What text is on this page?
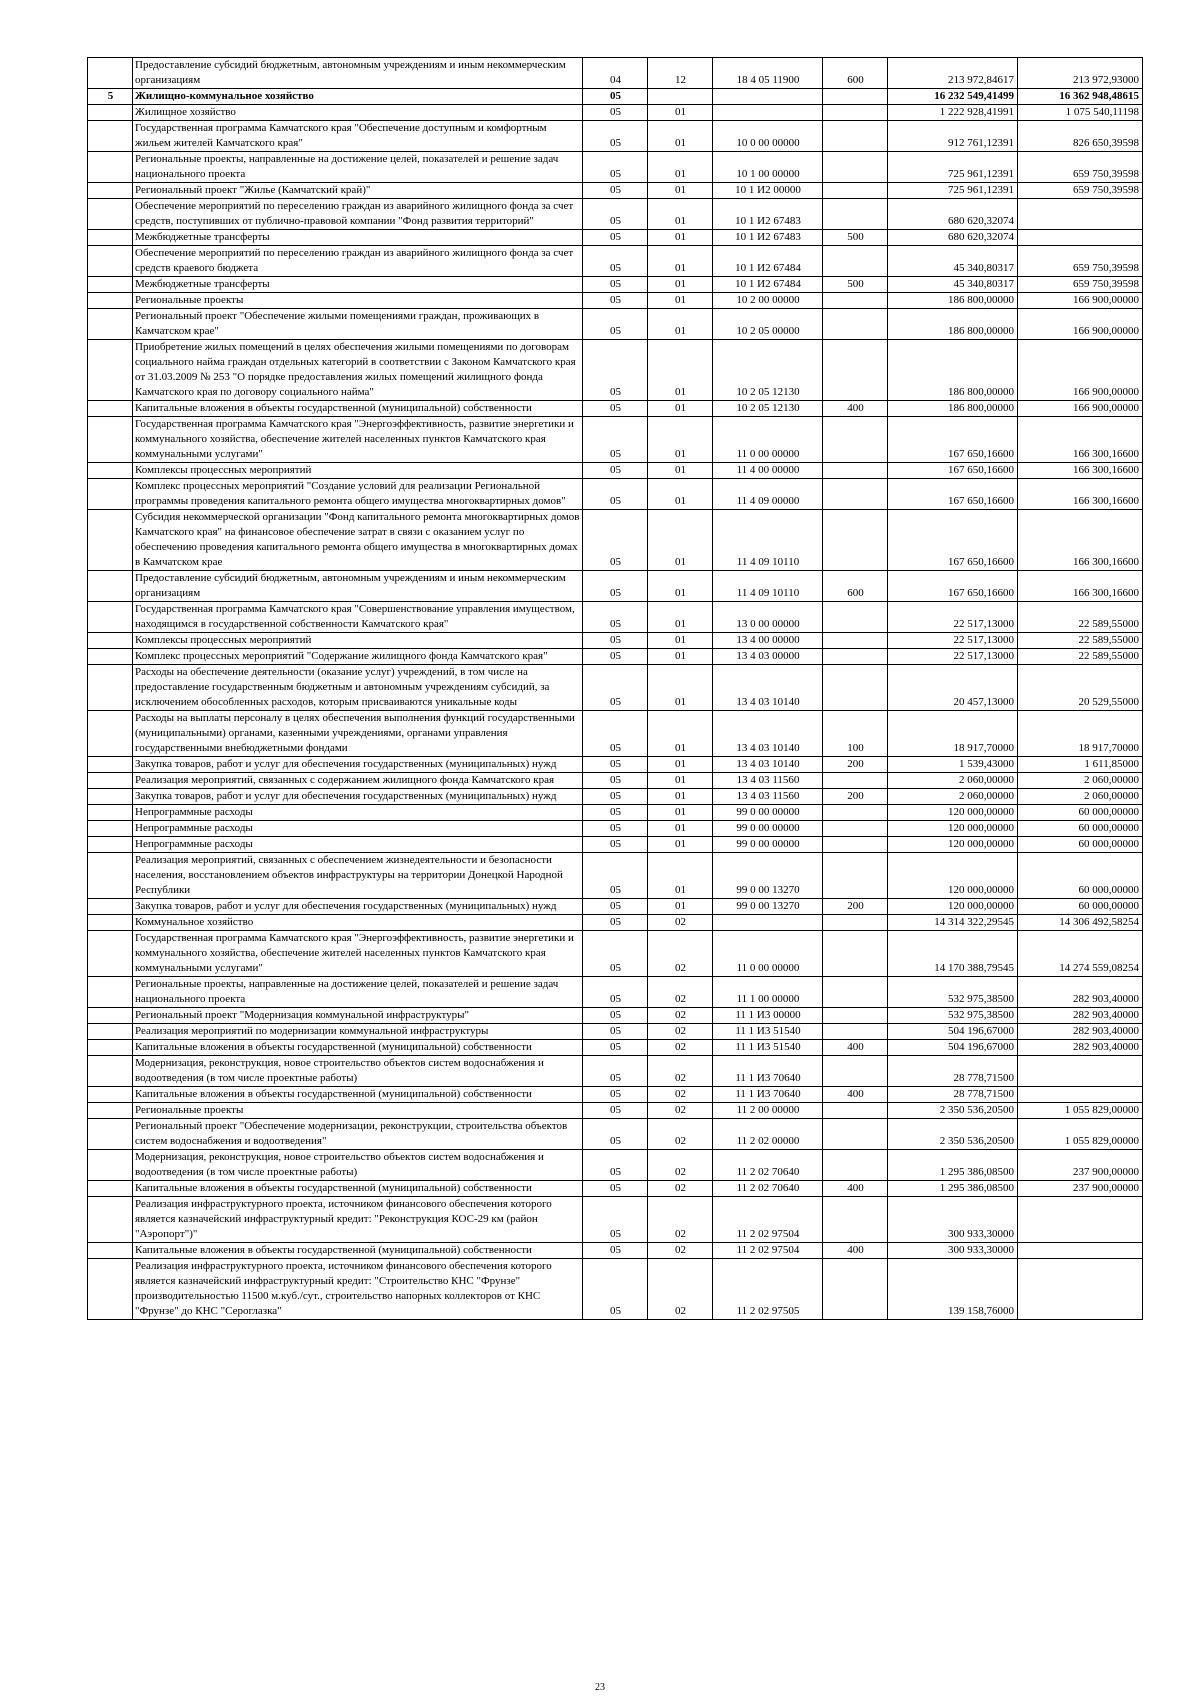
	Предоставление субсидий бюджетным, автономным учреждениям и иным некоммерческим организациям	04	12	18 4 05 11900	600	213 972,84617	213 972,93000
5	Жилищно-коммунальное хозяйство	05				16 232 549,41499	16 362 948,48615
	Жилищное хозяйство	05	01			1 222 928,41991	1 075 540,11198
	Государственная программа Камчатского края "Обеспечение доступным и комфортным жильем жителей Камчатского края"	05	01	10 0 00 00000		912 761,12391	826 650,39598
	Региональные проекты, направленные на достижение целей, показателей и решение задач национального проекта	05	01	10 1 00 00000		725 961,12391	659 750,39598
	Региональный проект "Жилье (Камчатский край)"	05	01	10 1 И2 00000		725 961,12391	659 750,39598
	Обеспечение мероприятий по переселению граждан из аварийного жилищного фонда за счет средств, поступивших от публично-правовой компании "Фонд развития территорий"	05	01	10 1 И2 67483		680 620,32074	
	Межбюджетные трансферты	05	01	10 1 И2 67483	500	680 620,32074	
	Обеспечение мероприятий по переселению граждан из аварийного жилищного фонда за счет средств краевого бюджета	05	01	10 1 И2 67484		45 340,80317	659 750,39598
	Межбюджетные трансферты	05	01	10 1 И2 67484	500	45 340,80317	659 750,39598
	Региональные проекты	05	01	10 2 00 00000		186 800,00000	166 900,00000
	Региональный проект "Обеспечение жилыми помещениями граждан, проживающих в Камчатском крае"	05	01	10 2 05 00000		186 800,00000	166 900,00000
	Приобретение жилых помещений в целях обеспечения жилыми помещениями по договорам социального найма граждан отдельных категорий в соответствии с Законом Камчатского края от 31.03.2009 № 253 "О порядке предоставления жилых помещений жилищного фонда Камчатского края по договору социального найма"	05	01	10 2 05 12130		186 800,00000	166 900,00000
	Капитальные вложения в объекты государственной (муниципальной) собственности	05	01	10 2 05 12130	400	186 800,00000	166 900,00000
	Государственная программа Камчатского края "Энергоэффективность, развитие энергетики и коммунального хозяйства, обеспечение жителей населенных пунктов Камчатского края коммунальными услугами"	05	01	11 0 00 00000		167 650,16600	166 300,16600
	Комплексы процессных мероприятий	05	01	11 4 00 00000		167 650,16600	166 300,16600
	Комплекс процессных мероприятий "Создание условий для реализации Региональной программы проведения капитального ремонта общего имущества многоквартирных домов"	05	01	11 4 09 00000		167 650,16600	166 300,16600
	Субсидия некоммерческой организации "Фонд капитального ремонта многоквартирных домов Камчатского края" на финансовое обеспечение затрат в связи с оказанием услуг по обеспечению проведения капитального ремонта общего имущества в многоквартирных домах в Камчатском крае	05	01	11 4 09 10110		167 650,16600	166 300,16600
	Предоставление субсидий бюджетным, автономным учреждениям и иным некоммерческим организациям	05	01	11 4 09 10110	600	167 650,16600	166 300,16600
	Государственная программа Камчатского края "Совершенствование управления имуществом, находящимся в государственной собственности Камчатского края"	05	01	13 0 00 00000		22 517,13000	22 589,55000
	Комплексы процессных мероприятий	05	01	13 4 00 00000		22 517,13000	22 589,55000
	Комплекс процессных мероприятий "Содержание жилищного фонда Камчатского края"	05	01	13 4 03 00000		22 517,13000	22 589,55000
	Расходы на обеспечение деятельности (оказание услуг) учреждений, в том числе на предоставление государственным бюджетным и автономным учреждениям субсидий, за исключением обособленных расходов, которым присваиваются уникальные коды	05	01	13 4 03 10140		20 457,13000	20 529,55000
	Расходы на выплаты персоналу в целях обеспечения выполнения функций государственными (муниципальными) органами, казенными учреждениями, органами управления государственными внебюджетными фондами	05	01	13 4 03 10140	100	18 917,70000	18 917,70000
	Закупка товаров, работ и услуг для обеспечения государственных (муниципальных) нужд	05	01	13 4 03 10140	200	1 539,43000	1 611,85000
	Реализация мероприятий, связанных с содержанием жилищного фонда Камчатского края	05	01	13 4 03 11560		2 060,00000	2 060,00000
	Закупка товаров, работ и услуг для обеспечения государственных (муниципальных) нужд	05	01	13 4 03 11560	200	2 060,00000	2 060,00000
	Непрограммные расходы	05	01	99 0 00 00000		120 000,00000	60 000,00000
	Непрограммные расходы	05	01	99 0 00 00000		120 000,00000	60 000,00000
	Непрограммные расходы	05	01	99 0 00 00000		120 000,00000	60 000,00000
	Реализация мероприятий, связанных с обеспечением жизнедеятельности и безопасности населения, восстановлением объектов инфраструктуры на территории Донецкой Народной Республики	05	01	99 0 00 13270		120 000,00000	60 000,00000
	Закупка товаров, работ и услуг для обеспечения государственных (муниципальных) нужд	05	01	99 0 00 13270	200	120 000,00000	60 000,00000
	Коммунальное хозяйство	05	02			14 314 322,29545	14 306 492,58254
	Государственная программа Камчатского края "Энергоэффективность, развитие энергетики и коммунального хозяйства, обеспечение жителей населенных пунктов Камчатского края коммунальными услугами"	05	02	11 0 00 00000		14 170 388,79545	14 274 559,08254
	Региональные проекты, направленные на достижение целей, показателей и решение задач национального проекта	05	02	11 1 00 00000		532 975,38500	282 903,40000
	Региональный проект "Модернизация коммунальной инфраструктуры"	05	02	11 1 И3 00000		532 975,38500	282 903,40000
	Реализация мероприятий по модернизации коммунальной инфраструктуры	05	02	11 1 И3 51540		504 196,67000	282 903,40000
	Капитальные вложения в объекты государственной (муниципальной) собственности	05	02	11 1 И3 51540	400	504 196,67000	282 903,40000
	Модернизация, реконструкция, новое строительство объектов систем водоснабжения и водоотведения (в том числе проектные работы)	05	02	11 1 И3 70640		28 778,71500	
	Капитальные вложения в объекты государственной (муниципальной) собственности	05	02	11 1 И3 70640	400	28 778,71500	
	Региональные проекты	05	02	11 2 00 00000		2 350 536,20500	1 055 829,00000
	Региональный проект "Обеспечение модернизации, реконструкции, строительства объектов систем водоснабжения и водоотведения"	05	02	11 2 02 00000		2 350 536,20500	1 055 829,00000
	Модернизация, реконструкция, новое строительство объектов систем водоснабжения и водоотведения (в том числе проектные работы)	05	02	11 2 02 70640		1 295 386,08500	237 900,00000
	Капитальные вложения в объекты государственной (муниципальной) собственности	05	02	11 2 02 70640	400	1 295 386,08500	237 900,00000
	Реализация инфраструктурного проекта, источником финансового обеспечения которого является казначейский инфраструктурный кредит: "Реконструкция КОС-29 км (район "Аэропорт")"	05	02	11 2 02 97504		300 933,30000	
	Капитальные вложения в объекты государственной (муниципальной) собственности	05	02	11 2 02 97504	400	300 933,30000	
	Реализация инфраструктурного проекта, источником финансового обеспечения которого является казначейский инфраструктурный кредит: "Строительство КНС "Фрунзе" производительностью 11500 м.куб./сут., строительство напорных коллекторов от КНС "Фрунзе" до КНС "Сероглазка"	05	02	11 2 02 97505		139 158,76000	
23
